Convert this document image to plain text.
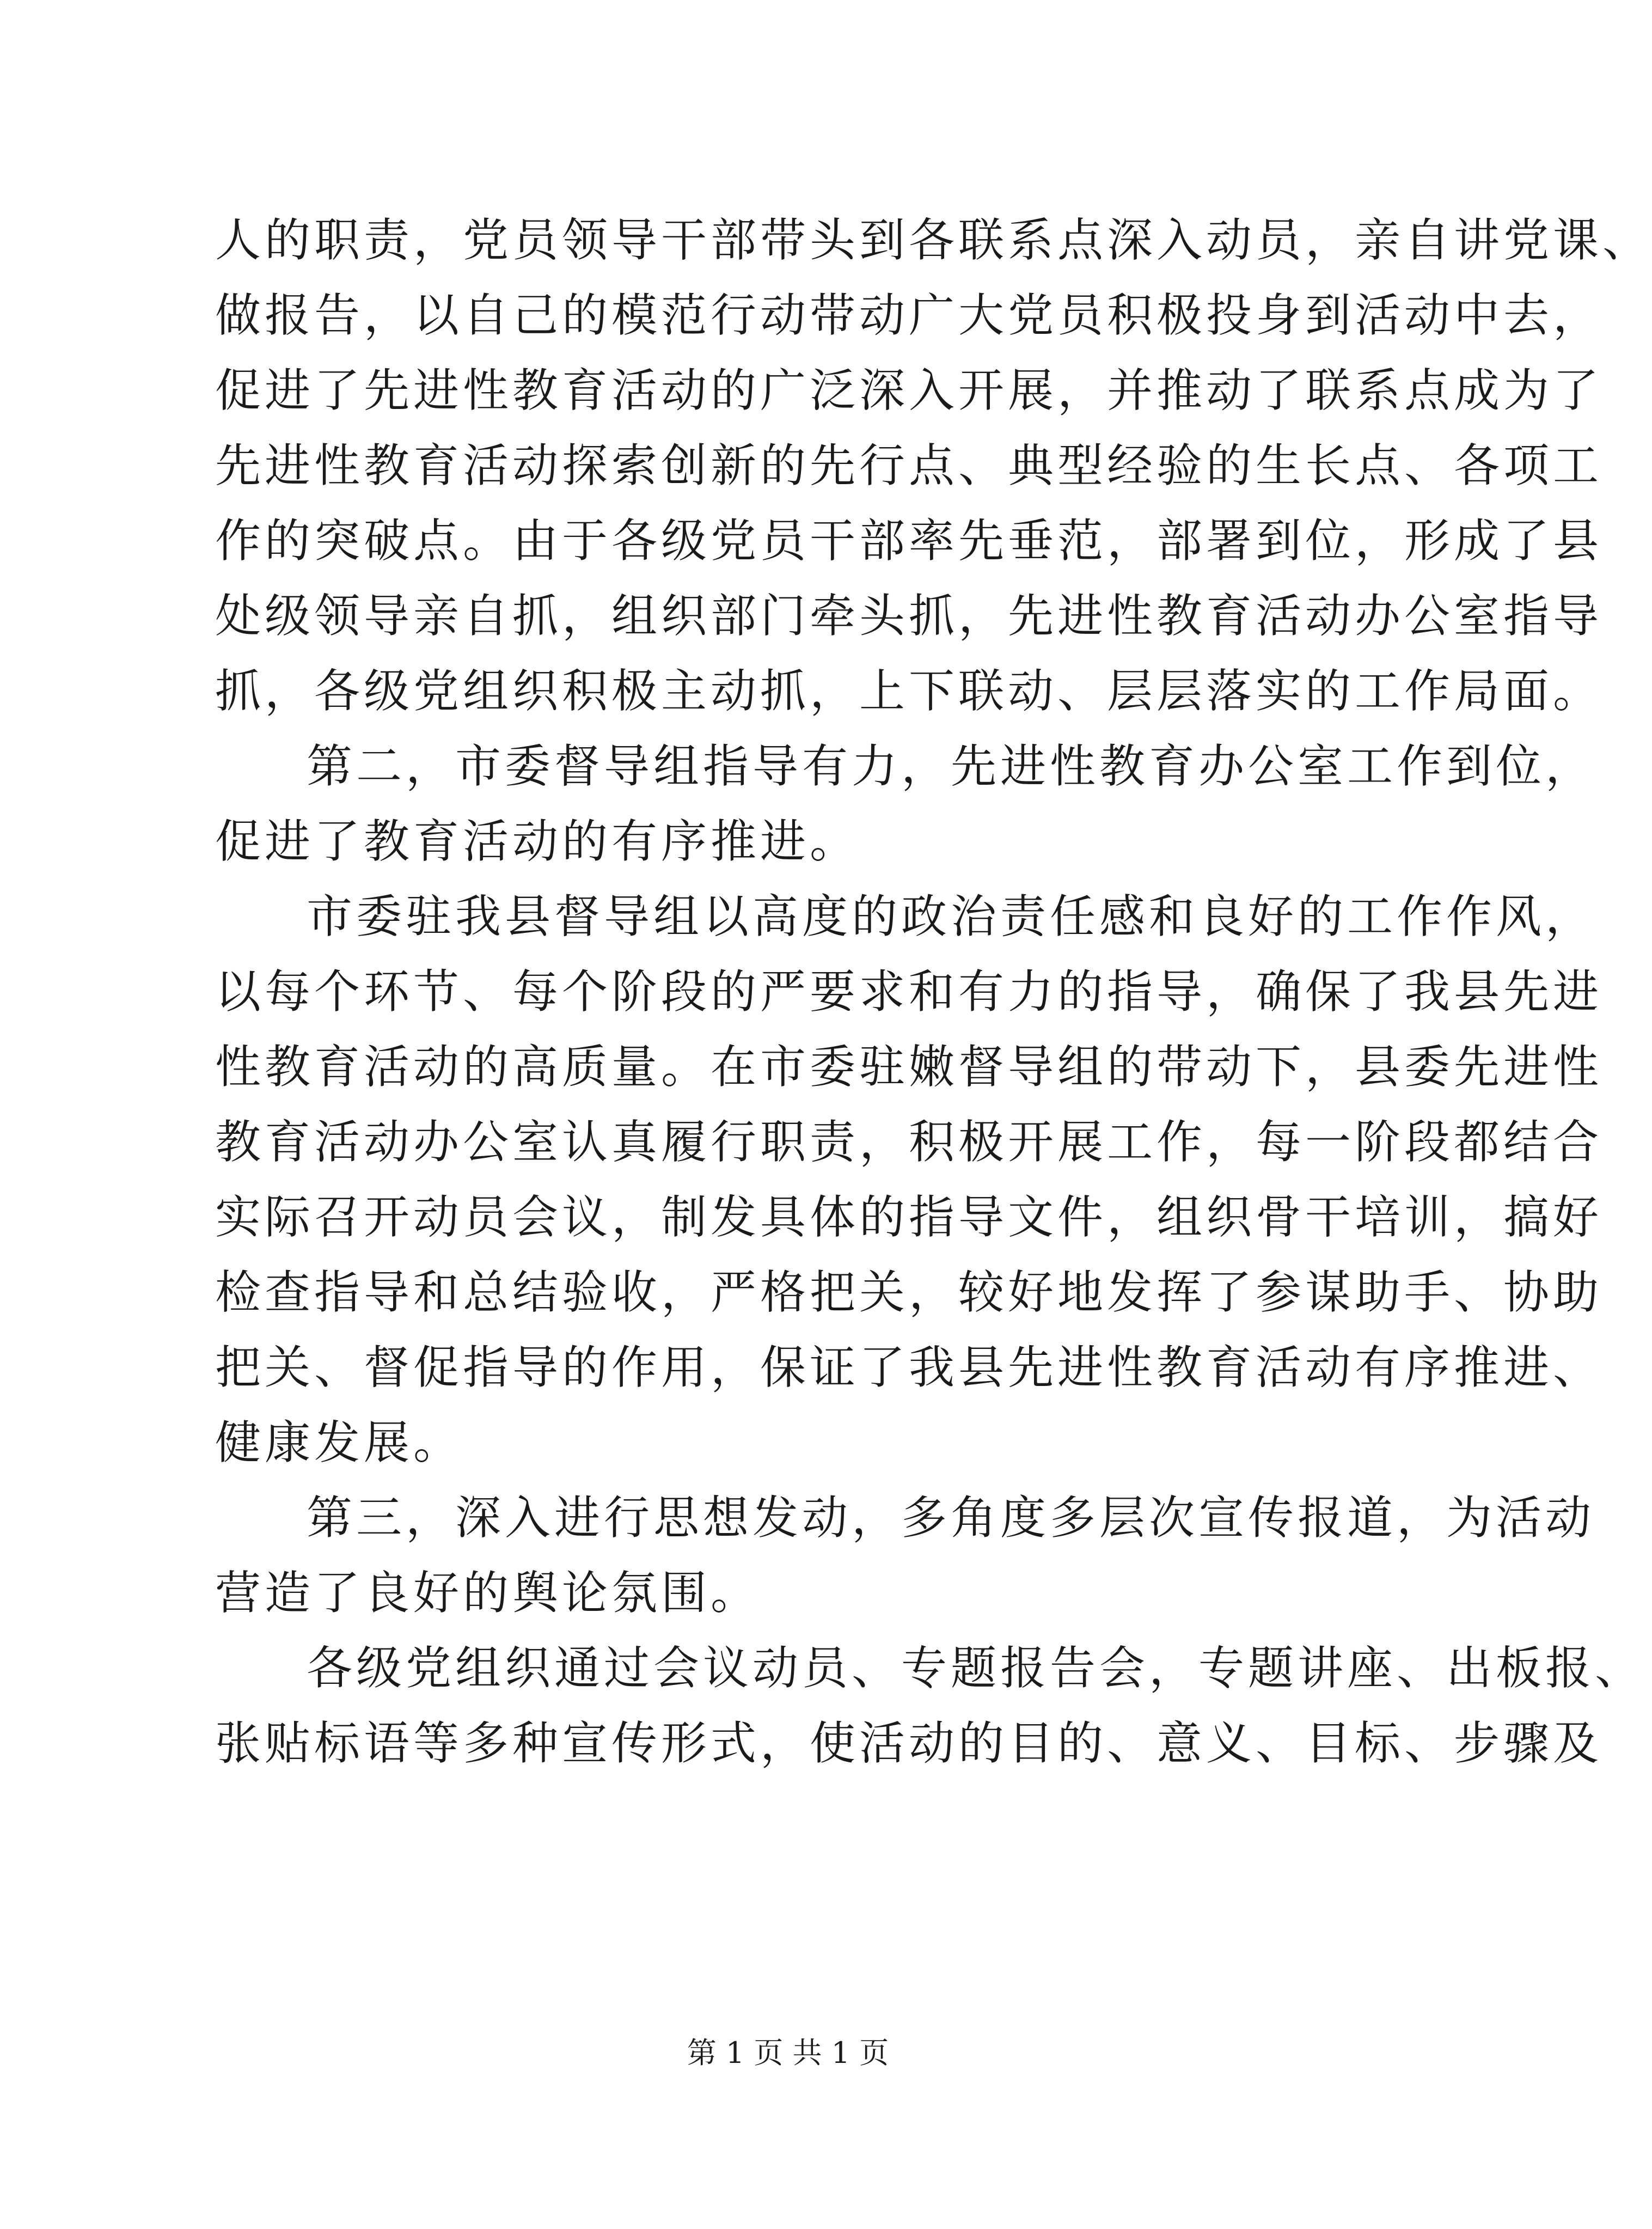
人的职责，党员领导干部带头到各联系点深入动员，亲自讲党课、
做报告，以自己的模范行动带动广大党员积极投身到活动中去，
促进了先进性教育活动的广泛深入开展，并推动了联系点成为了
先进性教育活动探索创新的先行点、典型经验的生长点、各项工
作的突破点。由于各级党员干部率先垂范，部署到位，形成了县
处级领导亲自抓，组织部门牵头抓，先进性教育活动办公室指导
抓，各级党组织积极主动抓，上下联动、层层落实的工作局面。
第二，市委督导组指导有力，先进性教育办公室工作到位，
促进了教育活动的有序推进。
市委驻我县督导组以高度的政治责任感和良好的工作作风，
以每个环节、每个阶段的严要求和有力的指导，确保了我县先进
性教育活动的高质量。在市委驻嫩督导组的带动下，县委先进性
教育活动办公室认真履行职责，积极开展工作，每一阶段都结合
实际召开动员会议，制发具体的指导文件，组织骨干培训，搞好
检查指导和总结验收，严格把关，较好地发挥了参谋助手、协助
把关、督促指导的作用，保证了我县先进性教育活动有序推进、
健康发展。
第三，深入进行思想发动，多角度多层次宣传报道，为活动
营造了良好的舆论氛围。
各级党组织通过会议动员、专题报告会，专题讲座、出板报、
张贴标语等多种宣传形式，使活动的目的、意义、目标、步骤及
第 1 页 共 1 页
